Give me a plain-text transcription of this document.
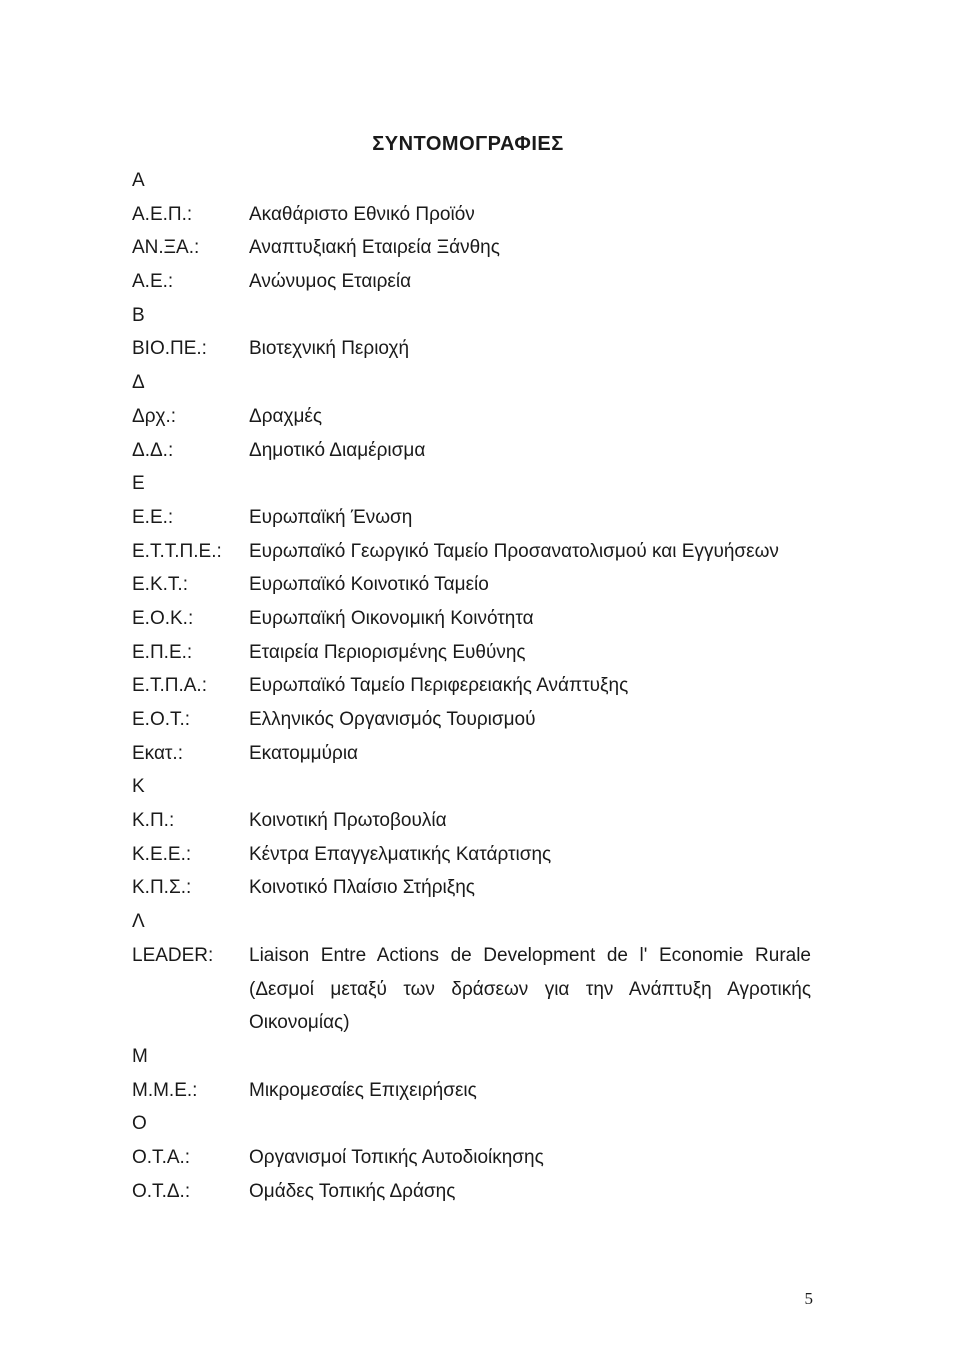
ΣΥΝΤΟΜΟΓΡΑΦΙΕΣ
Α
Α.Ε.Π.:	Ακαθάριστο Εθνικό Προϊόν
ΑΝ.ΞΑ.:	Αναπτυξιακή Εταιρεία Ξάνθης
Α.Ε.:	Ανώνυμος Εταιρεία
Β
ΒΙΟ.ΠΕ.: Βιοτεχνική Περιοχή
Δ
Δρχ.:	Δραχμές
Δ.Δ.:	Δημοτικό Διαμέρισμα
Ε
Ε.Ε.:	Ευρωπαϊκή Ένωση
Ε.Τ.Τ.Π.Ε.: Ευρωπαϊκό Γεωργικό Ταμείο Προσανατολισμού και Εγγυήσεων
Ε.Κ.Τ.:	Ευρωπαϊκό Κοινοτικό Ταμείο
Ε.Ο.Κ.:	Ευρωπαϊκή Οικονομική Κοινότητα
Ε.Π.Ε.:	Εταιρεία Περιορισμένης Ευθύνης
Ε.Τ.Π.Α.: Ευρωπαϊκό Ταμείο Περιφερειακής Ανάπτυξης
Ε.Ο.Τ.:	Ελληνικός Οργανισμός Τουρισμού
Εκατ.:	Εκατομμύρια
Κ
Κ.Π.:	Κοινοτική Πρωτοβουλία
Κ.Ε.Ε.:	Κέντρα Επαγγελματικής Κατάρτισης
Κ.Π.Σ.:	Κοινοτικό Πλαίσιο Στήριξης
Λ
LEADER: Liaison Entre Actions de Development de l' Economie Rurale (Δεσμοί μεταξύ των δράσεων για την Ανάπτυξη Αγροτικής Οικονομίας)
Μ
Μ.Μ.Ε.:	Μικρομεσαίες Επιχειρήσεις
Ο
Ο.Τ.Α.:	Οργανισμοί Τοπικής Αυτοδιοίκησης
Ο.Τ.Δ.:	Ομάδες Τοπικής Δράσης
5
